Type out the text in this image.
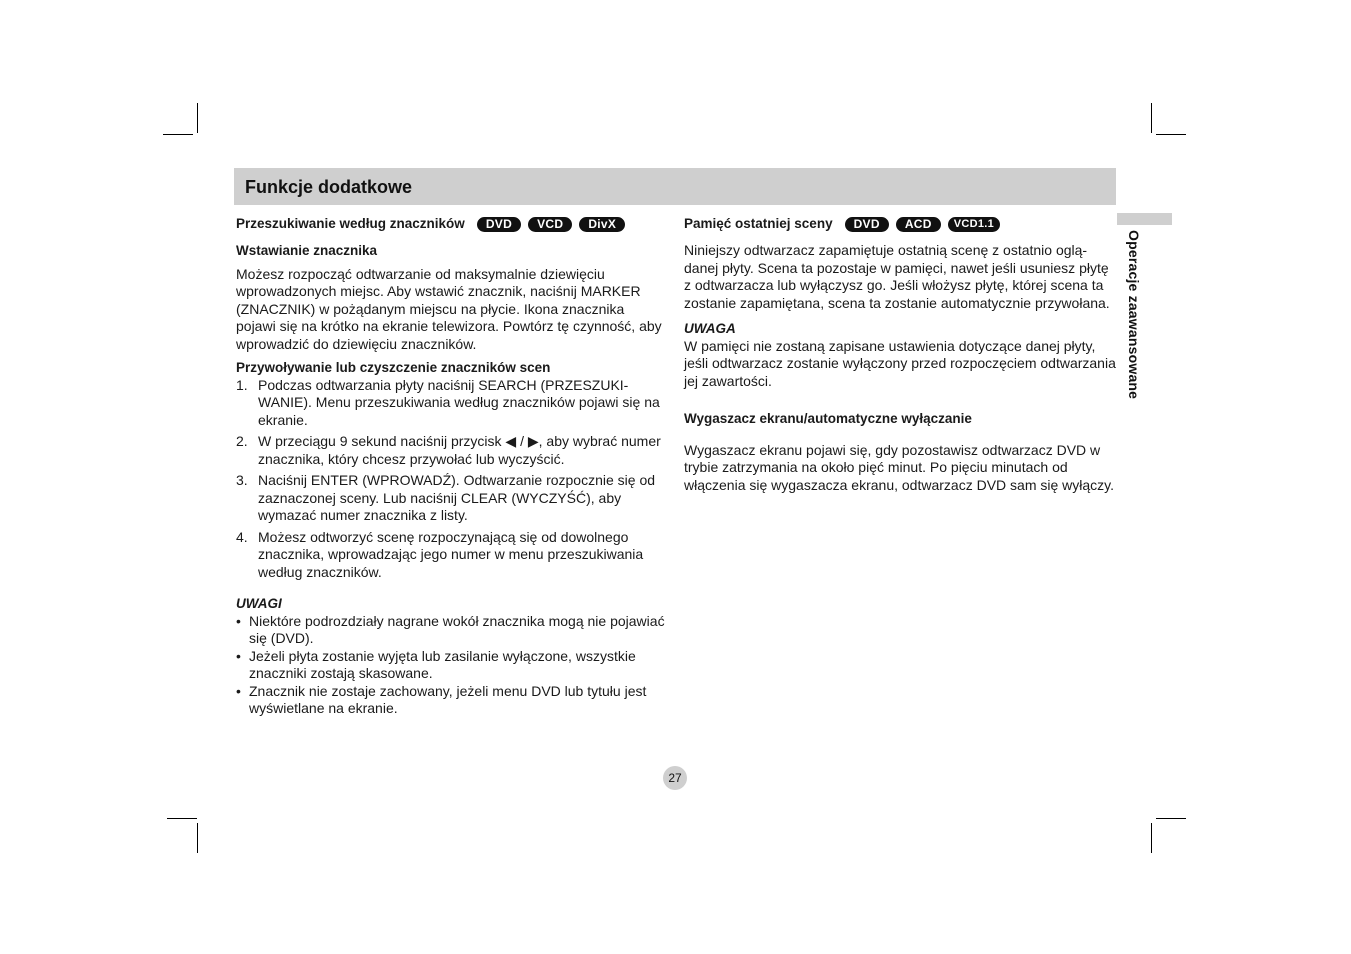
Funkcje dodatkowe
Operacje zaawansowane
Przeszukiwanie według znaczników	DVD	VCD	DivX
Wstawianie znacznika

Możesz rozpocząć odtwarzanie od maksymalnie dziewięciu wprowadzonych miejsc. Aby wstawić znacznik, naciśnij MARKER (ZNACZNIK) w pożądanym miejscu na płycie. Ikona znacznika pojawi się na krótko na ekranie telewizora. Powtórz tę czynność, aby wprowadzić do dziewięciu znaczników.

Przywoływanie lub czyszczenie znaczników scen
1. Podczas odtwarzania płyty naciśnij SEARCH (PRZESZUKI-WANIE). Menu przeszukiwania według znaczników pojawi się na ekranie.
2. W przeciągu 9 sekund naciśnij przycisk ◀ / ▶, aby wybrać numer znacznika, który chcesz przywołać lub wyczyścić.
3. Naciśnij ENTER (WPROWADŹ). Odtwarzanie rozpocznie się od zaznaczonej sceny. Lub naciśnij CLEAR (WYCZYŚĆ), aby wymazać numer znacznika z listy.
4. Możesz odtworzyć scenę rozpoczynającą się od dowolnego znacznika, wprowadzając jego numer w menu przeszukiwania według znaczników.
UWAGI
• Niektóre podrozdziały nagrane wokół znacznika mogą nie pojawiać się (DVD).
• Jeżeli płyta zostanie wyjęta lub zasilanie wyłączone, wszystkie znaczniki zostają skasowane.
• Znacznik nie zostaje zachowany, jeżeli menu DVD lub tytułu jest wyświetlane na ekranie.
Pamięć ostatniej sceny	DVD	ACD	VCD1.1

Niniejszy odtwarzacz zapamiętuje ostatnią scenę z ostatnio oglą-danej płyty. Scena ta pozostaje w pamięci, nawet jeśli usuniesz płytę z odtwarzacza lub wyłączysz go. Jeśli włożysz płytę, której scena ta zostanie zapamiętana, scena ta zostanie automatycznie przywołana.

UWAGA

W pamięci nie zostaną zapisane ustawienia dotyczące danej płyty, jeśli odtwarzacz zostanie wyłączony przed rozpoczęciem odtwarzania jej zawartości.

Wygaszacz ekranu/automatyczne wyłączanie

Wygaszacz ekranu pojawi się, gdy pozostawisz odtwarzacz DVD w trybie zatrzymania na około pięć minut. Po pięciu minutach od włączenia się wygaszacza ekranu, odtwarzacz DVD sam się wyłączy.

27
